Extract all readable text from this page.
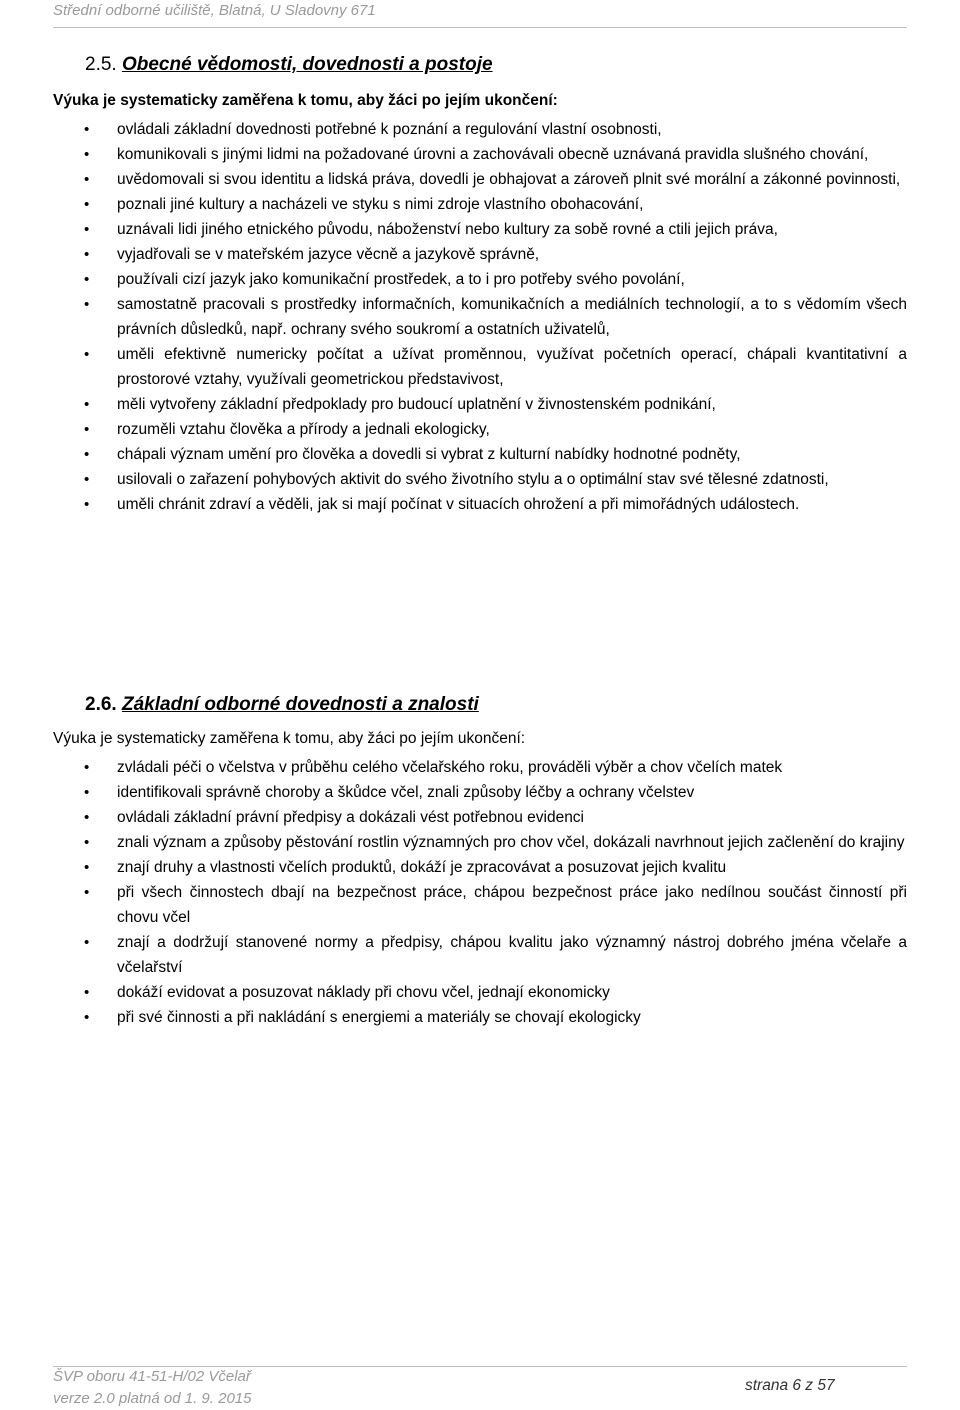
Střední odborné učiliště, Blatná, U Sladovny 671
2.5. Obecné vědomosti, dovednosti a postoje

Výuka je systematicky zaměřena k tomu, aby žáci po jejím ukončení:

• ovládali základní dovednosti potřebné k poznání a regulování vlastní osobnosti,
• komunikovali s jinými lidmi na požadované úrovni a zachovávali obecně uznávaná pravidla slušného chování,
• uvědomovali si svou identitu a lidská práva, dovedli je obhajovat a zároveň plnit své morální a zákonné povinnosti,
• poznali jiné kultury a nacházeli ve styku s nimi zdroje vlastního obohacování,
• uznávali lidi jiného etnického původu, náboženství nebo kultury za sobě rovné a ctili jejich práva,
• vyjadřovali se v mateřském jazyce věcně a jazykově správně,
• používali cizí jazyk jako komunikační prostředek, a to i pro potřeby svého povolání,
• samostatně pracovali s prostředky informačních, komunikačních a mediálních technologií, a to s vědomím všech právních důsledků, např. ochrany svého soukromí a ostatních uživatelů,
• uměli efektivně numericky počítat a užívat proměnnou, využívat početních operací, chápali kvantitativní a prostorové vztahy, využívali geometrickou představivost,
• měli vytvořeny základní předpoklady pro budoucí uplatnění v živnostenském podnikání,
• rozuměli vztahu člověka a přírody a jednali ekologicky,
• chápali význam umění pro člověka a dovedli si vybrat z kulturní nabídky hodnotné podněty,
• usilovali o zařazení pohybových aktivit do svého životního stylu a o optimální stav své tělesné zdatnosti,
• uměli chránit zdraví a věděli, jak si mají počínat v situacích ohrožení a při mimořádných událostech.
2.6. Základní odborné dovednosti a znalosti

Výuka je systematicky zaměřena k tomu, aby žáci po jejím ukončení:

• zvládali péči o včelstva v průběhu celého včelařského roku, prováděli výběr a chov včelích matek
• identifikovali správně choroby a škůdce včel, znali způsoby léčby a ochrany včelstev
• ovládali základní právní předpisy a dokázali vést potřebnou evidenci
• znali význam a způsoby pěstování rostlin významných pro chov včel, dokázali navrhnout jejich začlenění do krajiny
• znají druhy a vlastnosti včelích produktů, dokáží je zpracovávat a posuzovat jejich kvalitu
• při všech činnostech dbají na bezpečnost práce, chápou bezpečnost práce jako nedílnou součást činností při chovu včel
• znají a dodržují stanovené normy a předpisy, chápou kvalitu jako významný nástroj dobrého jména včelaře a včelařství
• dokáží evidovat a posuzovat náklady při chovu včel, jednají ekonomicky
• při své činnosti a při nakládání s energiemi a materiály se chovají ekologicky
ŠVP oboru 41-51-H/02 Včelař
verze 2.0 platná od 1. 9. 2015
strana 6 z 57
